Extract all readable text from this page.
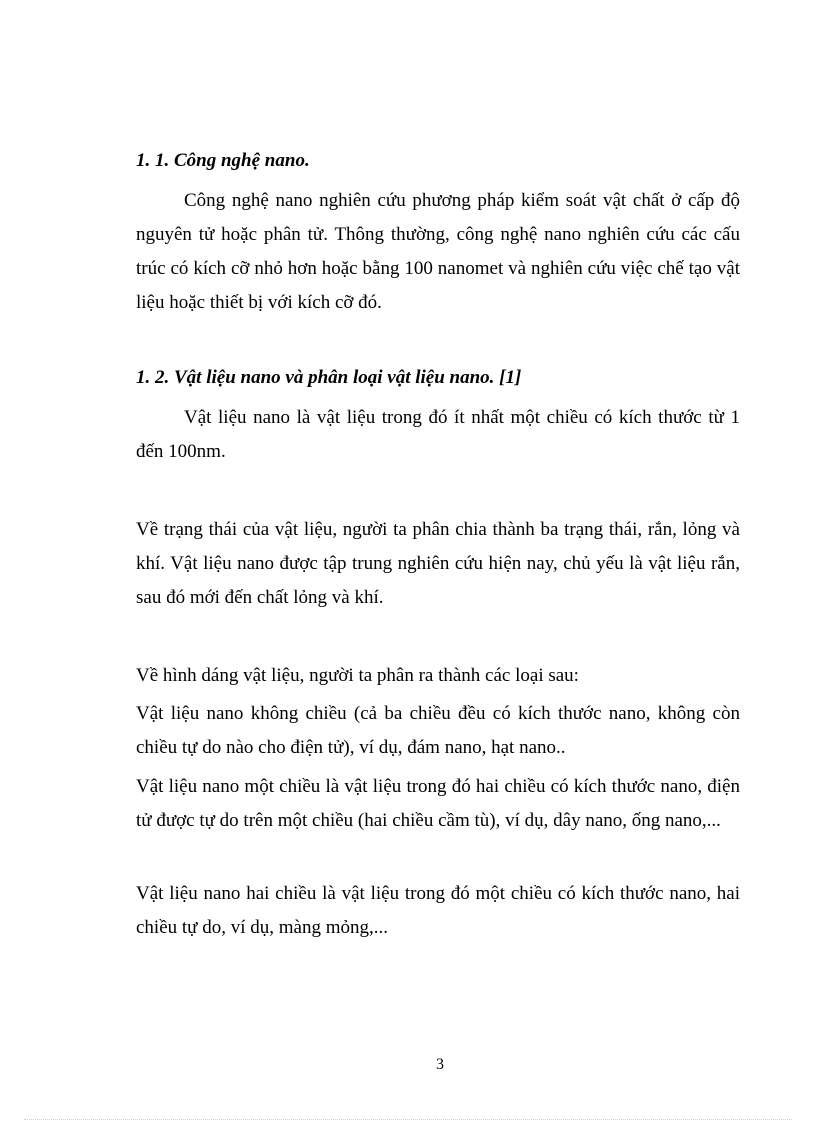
1. 1. Công nghệ nano.

Công nghệ nano nghiên cứu phương pháp kiểm soát vật chất ở cấp độ nguyên tử hoặc phân tử. Thông thường, công nghệ nano nghiên cứu các cấu trúc có kích cỡ nhỏ hơn hoặc bằng 100 nanomet và nghiên cứu việc chế tạo vật liệu hoặc thiết bị với kích cỡ đó.

1. 2. Vật liệu nano và phân loại vật liệu nano. [1]

Vật liệu nano là vật liệu trong đó ít nhất một chiều có kích thước từ 1 đến 100nm.

Về trạng thái của vật liệu, người ta phân chia thành ba trạng thái, rắn, lỏng và khí. Vật liệu nano được tập trung nghiên cứu hiện nay, chủ yếu là vật liệu rắn, sau đó mới đến chất lỏng và khí.

Về hình dáng vật liệu, người ta phân ra thành các loại sau:

Vật liệu nano không chiều (cả ba chiều đều có kích thước nano, không còn chiều tự do nào cho điện tử), ví dụ, đám nano, hạt nano..

Vật liệu nano một chiều là vật liệu trong đó hai chiều có kích thước nano, điện tử được tự do trên một chiều (hai chiều cầm tù), ví dụ, dây nano, ống nano,...

Vật liệu nano hai chiều là vật liệu trong đó một chiều có kích thước nano, hai chiều tự do, ví dụ, màng mỏng,...

3
